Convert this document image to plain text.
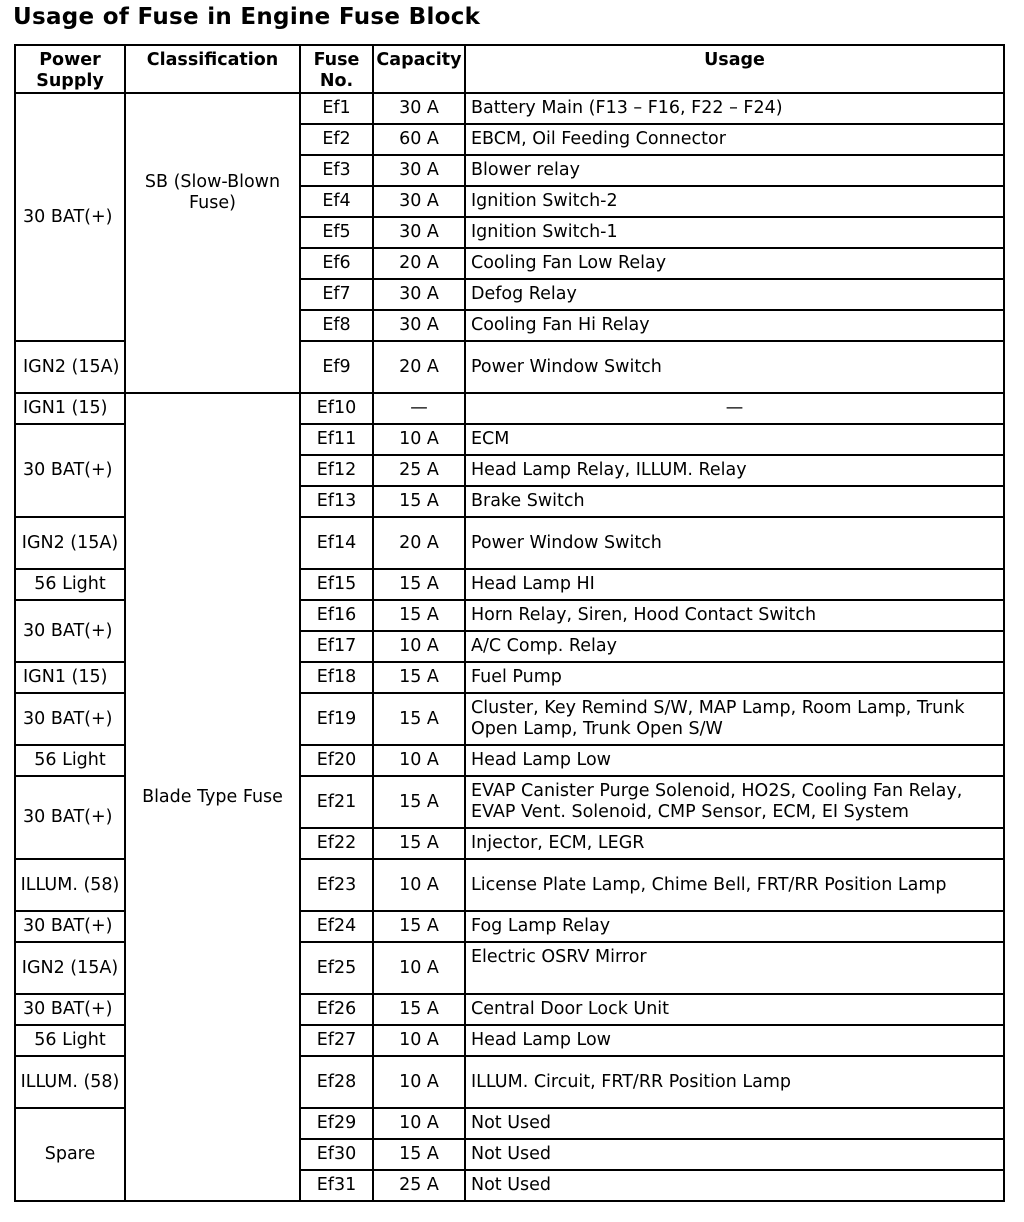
Usage of Fuse in Engine Fuse Block
Power Supply	Classification	Fuse No.	Capacity	Usage
30 BAT(+)	SB (Slow-Blown Fuse)	Ef1	30 A	Battery Main (F13 – F16, F22 – F24)
		Ef2	60 A	EBCM, Oil Feeding Connector
		Ef3	30 A	Blower relay
		Ef4	30 A	Ignition Switch-2
		Ef5	30 A	Ignition Switch-1
		Ef6	20 A	Cooling Fan Low Relay
		Ef7	30 A	Defog Relay
		Ef8	30 A	Cooling Fan Hi Relay
IGN2 (15A)		Ef9	20 A	Power Window Switch
IGN1 (15)	Blade Type Fuse	Ef10	—	—
30 BAT(+)		Ef11	10 A	ECM
		Ef12	25 A	Head Lamp Relay, ILLUM. Relay
		Ef13	15 A	Brake Switch
IGN2 (15A)		Ef14	20 A	Power Window Switch
56 Light		Ef15	15 A	Head Lamp HI
30 BAT(+)		Ef16	15 A	Horn Relay, Siren, Hood Contact Switch
		Ef17	10 A	A/C Comp. Relay
IGN1 (15)		Ef18	15 A	Fuel Pump
30 BAT(+)		Ef19	15 A	Cluster, Key Remind S/W, MAP Lamp, Room Lamp, Trunk Open Lamp, Trunk Open S/W
56 Light		Ef20	10 A	Head Lamp Low
30 BAT(+)		Ef21	15 A	EVAP Canister Purge Solenoid, HO2S, Cooling Fan Relay, EVAP Vent. Solenoid, CMP Sensor, ECM, EI System
		Ef22	15 A	Injector, ECM, LEGR
ILLUM. (58)		Ef23	10 A	License Plate Lamp, Chime Bell, FRT/RR Position Lamp
30 BAT(+)		Ef24	15 A	Fog Lamp Relay
IGN2 (15A)		Ef25	10 A	Electric OSRV Mirror
30 BAT(+)		Ef26	15 A	Central Door Lock Unit
56 Light		Ef27	10 A	Head Lamp Low
ILLUM. (58)		Ef28	10 A	ILLUM. Circuit, FRT/RR Position Lamp
Spare		Ef29	10 A	Not Used
		Ef30	15 A	Not Used
		Ef31	25 A	Not Used
